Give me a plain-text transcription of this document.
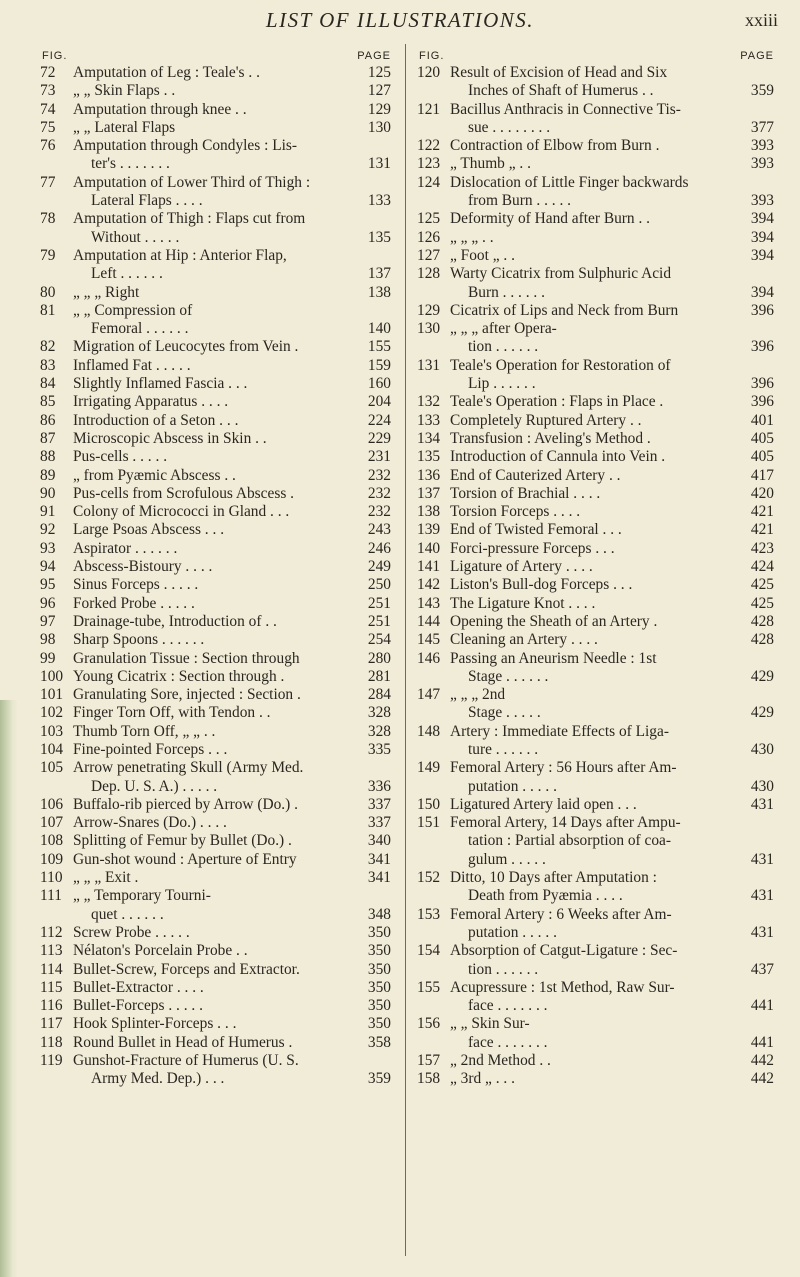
LIST OF ILLUSTRATIONS.	xxiii
FIG.	PAGE
72	Amputation of Leg : Teale's . .	125
73	„ „ Skin Flaps . .	127
74	Amputation through knee . .	129
75	„ „ Lateral Flaps	130
76	Amputation through Condyles : Lis-
ter's . . . . . . .	131
77	Amputation of Lower Third of Thigh :
Lateral Flaps . . . .	133
78	Amputation of Thigh : Flaps cut from
Without . . . . .	135
79	Amputation at Hip : Anterior Flap,
Left . . . . . .	137
80	„ „ „ Right	138
81	„ „ Compression of
Femoral . . . . . .	140
82	Migration of Leucocytes from Vein .	155
83	Inflamed Fat . . . . .	159
84	Slightly Inflamed Fascia . . .	160
85	Irrigating Apparatus . . . .	204
86	Introduction of a Seton . . .	224
87	Microscopic Abscess in Skin . .	229
88	Pus-cells . . . . .	231
89	„ from Pyæmic Abscess . .	232
90	Pus-cells from Scrofulous Abscess .	232
91	Colony of Micrococci in Gland . . .	232
92	Large Psoas Abscess . . .	243
93	Aspirator . . . . . .	246
94	Abscess-Bistoury . . . .	249
95	Sinus Forceps . . . . .	250
96	Forked Probe . . . . .	251
97	Drainage-tube, Introduction of . .	251
98	Sharp Spoons . . . . . .	254
99	Granulation Tissue : Section through	280
100 Young Cicatrix : Section through .	281
101 Granulating Sore, injected : Section .	284
102 Finger Torn Off, with Tendon . .	328
103 Thumb Torn Off, „ „ . .	328
104 Fine-pointed Forceps . . .	335
105 Arrow penetrating Skull (Army Med.
Dep. U. S. A.) . . . . .	336
106 Buffalo-rib pierced by Arrow (Do.) .	337
107 Arrow-Snares (Do.) . . . .	337
108 Splitting of Femur by Bullet (Do.) .	340
109 Gun-shot wound : Aperture of Entry	341
110 „ „ „ Exit .	341
111 „ „ Temporary Tourni-
quet . . . . . .	348
112 Screw Probe . . . . .	350
113 Nélaton's Porcelain Probe . .	350
114 Bullet-Screw, Forceps and Extractor.	350
115 Bullet-Extractor . . . .	350
116 Bullet-Forceps . . . . .	350
117 Hook Splinter-Forceps . . .	350
118 Round Bullet in Head of Humerus .	358
119 Gunshot-Fracture of Humerus (U. S.
Army Med. Dep.) . . .	359
FIG.	PAGE
120 Result of Excision of Head and Six
Inches of Shaft of Humerus . .	359
121 Bacillus Anthracis in Connective Tis-
sue . . . . . . . .	377
122 Contraction of Elbow from Burn .	393
123 „ Thumb „ . .	393
124 Dislocation of Little Finger backwards
from Burn . . . . .	393
125 Deformity of Hand after Burn . .	394
126 „ „ „ . .	394
127 „ Foot „ . .	394
128 Warty Cicatrix from Sulphuric Acid
Burn . . . . . .	394
129 Cicatrix of Lips and Neck from Burn	396
130 „ „ „ after Opera-
tion . . . . . .	396
131 Teale's Operation for Restoration of
Lip . . . . . .	396
132 Teale's Operation : Flaps in Place .	396
133 Completely Ruptured Artery . .	401
134 Transfusion : Aveling's Method .	405
135 Introduction of Cannula into Vein .	405
136 End of Cauterized Artery . .	417
137 Torsion of Brachial . . . .	420
138 Torsion Forceps . . . .	421
139 End of Twisted Femoral . . .	421
140 Forci-pressure Forceps . . .	423
141 Ligature of Artery . . . .	424
142 Liston's Bull-dog Forceps . . .	425
143 The Ligature Knot . . . .	425
144 Opening the Sheath of an Artery .	428
145 Cleaning an Artery . . . .	428
146 Passing an Aneurism Needle : 1st
Stage . . . . . .	429
147 „ „ „ 2nd
Stage . . . . .	429
148 Artery : Immediate Effects of Liga-
ture . . . . . .	430
149 Femoral Artery : 56 Hours after Am-
putation . . . . .	430
150 Ligatured Artery laid open . . .	431
151 Femoral Artery, 14 Days after Ampu-
tation : Partial absorption of coa-
gulum . . . . .	431
152 Ditto, 10 Days after Amputation :
Death from Pyæmia . . . .	431
153 Femoral Artery : 6 Weeks after Am-
putation . . . . .	431
154 Absorption of Catgut-Ligature : Sec-
tion . . . . . .	437
155 Acupressure : 1st Method, Raw Sur-
face . . . . . . .	441
156 „ „ Skin Sur-
face . . . . . . .	441
157 „ 2nd Method . .	442
158 „ 3rd „ . . .	442
